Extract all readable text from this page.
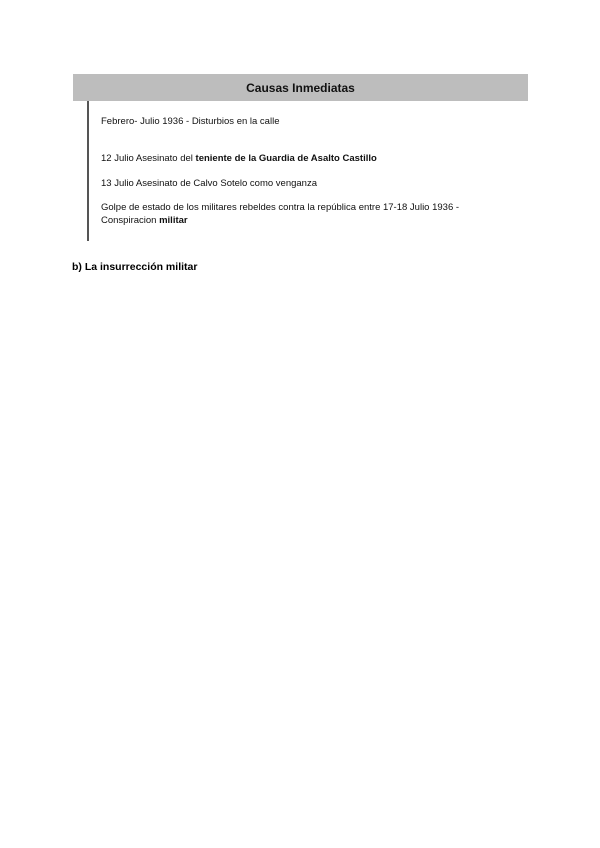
Causas Inmediatas
Febrero- Julio 1936 - Disturbios en la calle
12 Julio Asesinato del teniente de la Guardia de Asalto Castillo
13 Julio Asesinato de Calvo Sotelo como venganza
Golpe de estado de los militares rebeldes contra la república entre 17-18 Julio 1936 - Conspiracion militar
b) La insurrección militar
